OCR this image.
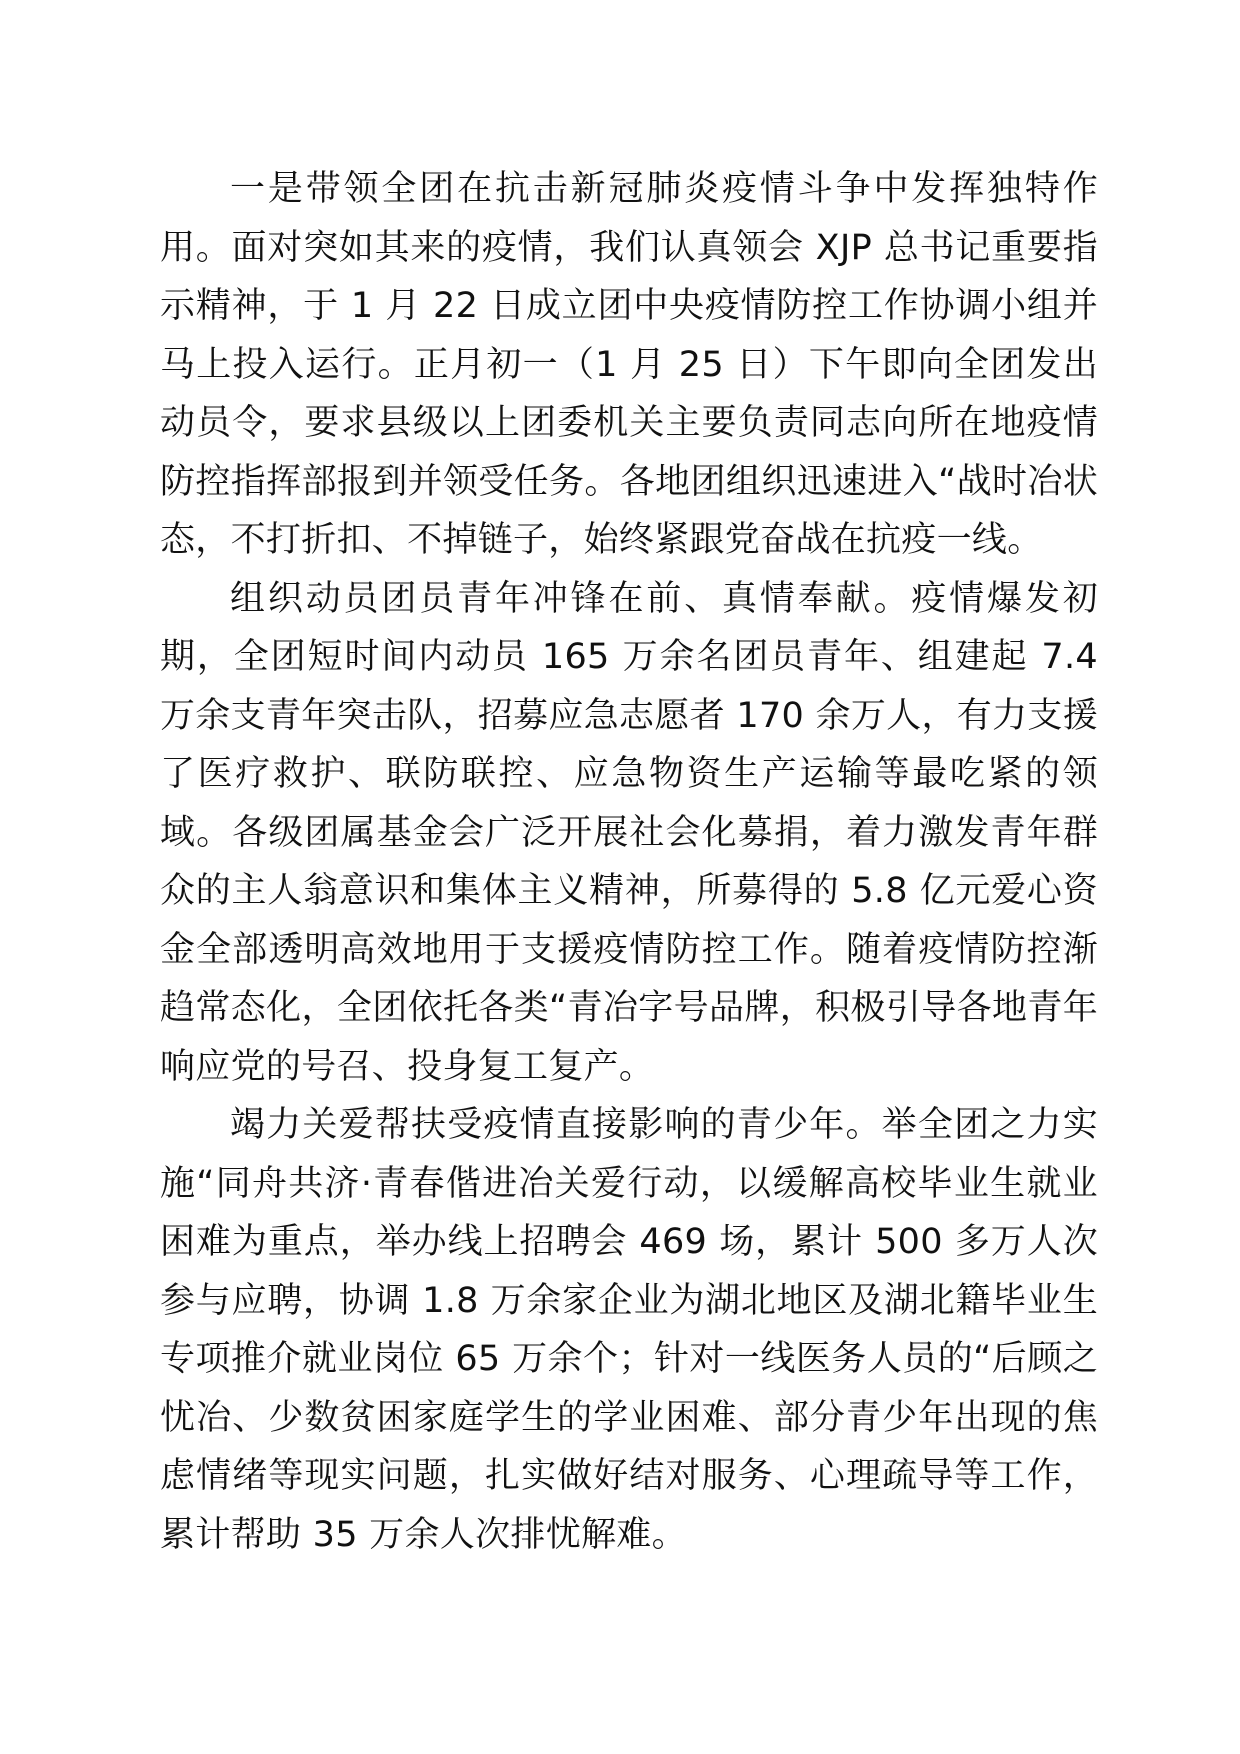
一是带领全团在抗击新冠肺炎疫情斗争中发挥独特作用。面对突如其来的疫情，我们认真领会 XJP 总书记重要指示精神，于 1 月 22 日成立团中央疫情防控工作协调小组并马上投入运行。正月初一（1 月 25 日）下午即向全团发出动员令，要求县级以上团委机关主要负责同志向所在地疫情防控指挥部报到并领受任务。各地团组织迅速进入“战时冶状态，不打折扣、不掉链子，始终紧跟党奋战在抗疫一线。

组织动员团员青年冲锋在前、真情奉献。疫情爆发初期，全团短时间内动员 165 万余名团员青年、组建起 7.4 万余支青年突击队，招募应急志愿者 170 余万人，有力支援了医疗救护、联防联控、应急物资生产运输等最吃紧的领域。各级团属基金会广泛开展社会化募捐，着力激发青年群众的主人翁意识和集体主义精神，所募得的 5.8 亿元爱心资金全部透明高效地用于支援疫情防控工作。随着疫情防控渐趋常态化，全团依托各类“青冶字号品牌，积极引导各地青年响应党的号召、投身复工复产。

竭力关爱帮扶受疫情直接影响的青少年。举全团之力实施“同舟共济·青春偕进冶关爱行动，以缓解高校毕业生就业困难为重点，举办线上招聘会 469 场，累计 500 多万人次参与应聘，协调 1.8 万余家企业为湖北地区及湖北籍毕业生专项推介就业岗位 65 万余个；针对一线医务人员的“后顾之忧冶、少数贫困家庭学生的学业困难、部分青少年出现的焦虑情绪等现实问题，扎实做好结对服务、心理疏导等工作，累计帮助 35 万余人次排忧解难。
